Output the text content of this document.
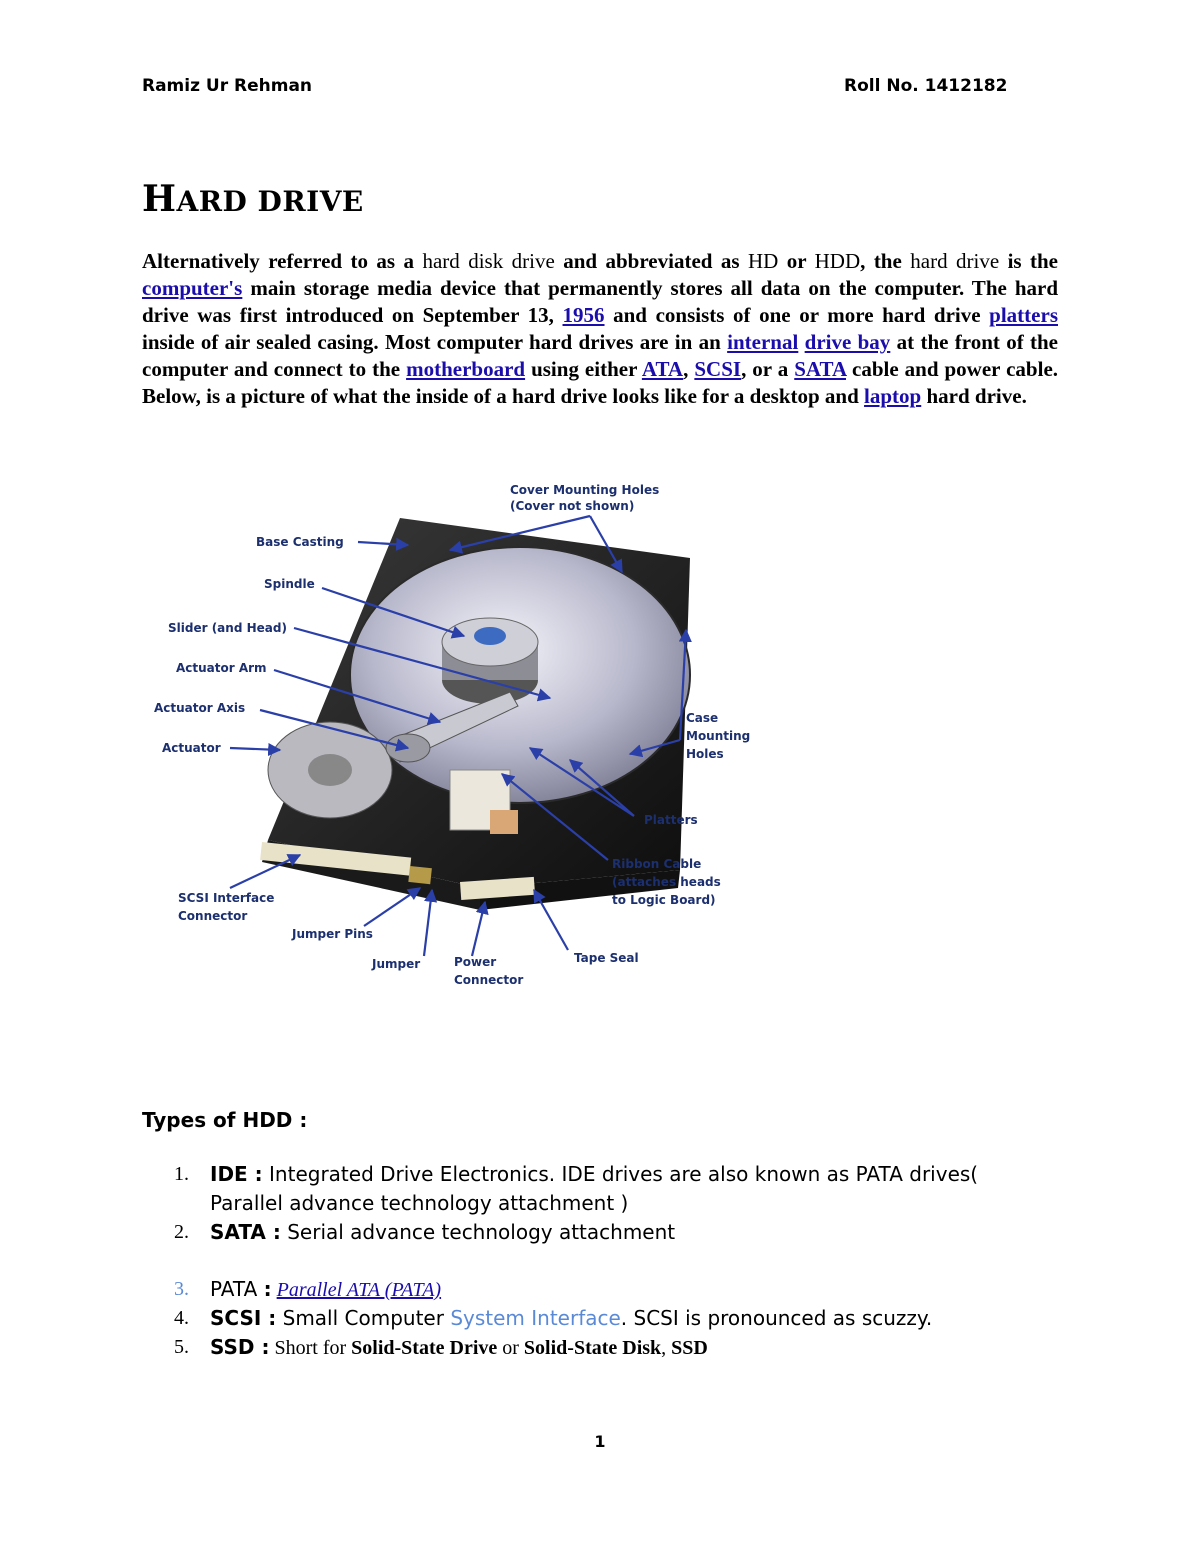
Ramiz Ur Rehman	Roll No. 1412182
HARD DRIVE

Alternatively referred to as a hard disk drive and abbreviated as HD or HDD, the hard drive is the computer's main storage media device that permanently stores all data on the computer. The hard drive was first introduced on September 13, 1956 and consists of one or more hard drive platters inside of air sealed casing. Most computer hard drives are in an internal drive bay at the front of the computer and connect to the motherboard using either ATA, SCSI, or a SATA cable and power cable. Below, is a picture of what the inside of a hard drive looks like for a desktop and laptop hard drive.

Cover Mounting Holes
(Cover not shown)
Base Casting
Spindle
Slider (and Head)
Actuator Arm
Actuator Axis
Actuator
Case
Mounting
Holes
Platters
Ribbon Cable
(attaches heads
to Logic Board)
SCSI Interface
Connector
Jumper Pins
Jumper	Power
Connector
Tape Seal
Types of HDD :
1. IDE : Integrated Drive Electronics. IDE drives are also known as PATA drives( Parallel advance technology attachment )
2. SATA : Serial advance technology attachment
3. PATA : Parallel ATA (PATA)
4. SCSI : Small Computer System Interface. SCSI is pronounced as scuzzy.
5. SSD : Short for Solid-State Drive or Solid-State Disk, SSD
1
